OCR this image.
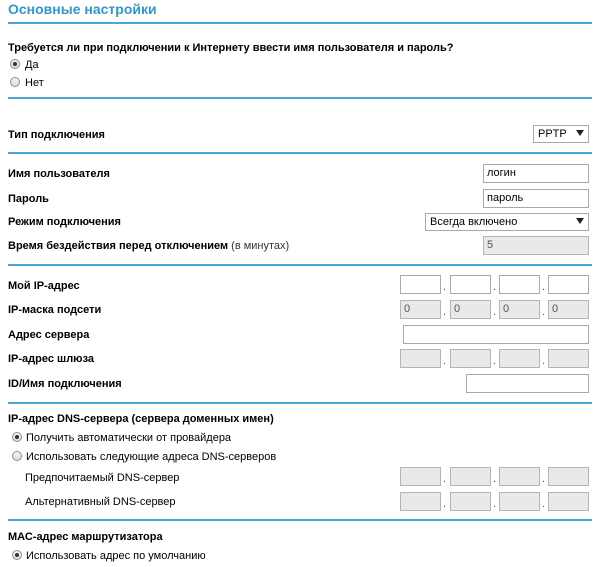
Основные настройки
Требуется ли при подключении к Интернету ввести имя пользователя и пароль?
Да
Нет
Тип подключения	PPTP
Имя пользователя	логин
Пароль	пароль
Режим подключения	Всегда включено
Время бездействия перед отключением (в минутах)	5
Мой IP-адрес	.	.	.
IP-маска подсети	0	. 0	. 0	. 0
Адрес сервера
IP-адрес шлюза	.	.	.
ID/Имя подключения
IP-адрес DNS-сервера (сервера доменных имен)
Получить автоматически от провайдера
Использовать следующие адреса DNS-серверов
Предпочитаемый DNS-сервер	.	.	.
Альтернативный DNS-сервер	.	.	.
МАС-адрес маршрутизатора
Использовать адрес по умолчанию
